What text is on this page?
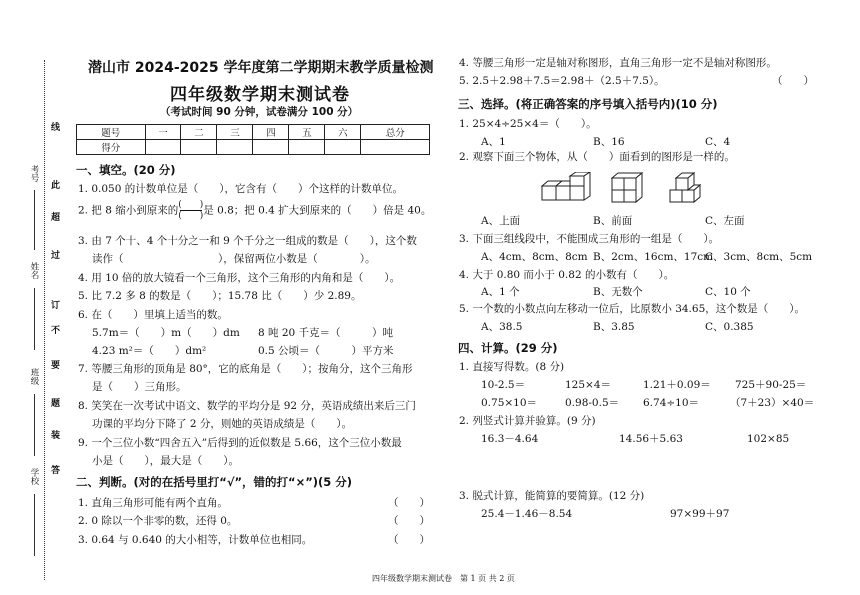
线
此
过
超
订
不
要
题
装
答
考号
姓名
班级
学校
潜山市 2024-2025 学年度第二学期期末教学质量检测
四年级数学期末测试卷
（考试时间 90 分钟，试卷满分 100 分）
题号	一	二	三	四	五	六	总分
得分							
一、填空。(20 分)
1. 0.050 的计数单位是（　　），它含有（　　）个这样的计数单位。
2. 把 8 缩小到原来的 $\frac{( )}{( )}$ 是 0.8；把 0.4 扩大到原来的（　　）倍是 40。
3. 由 7 个十、4 个十分之一和 9 个千分之一组成的数是（　　），这个数
读作（　　　　　　　　　），保留两位小数是（　　　　）。
4. 用 10 倍的放大镜看一个三角形，这个三角形的内角和是（　　）。
5. 比 7.2 多 8 的数是（　　）；15.78 比（　　）少 2.89。
6. 在（　　）里填上适当的数。
5.7m＝（　　）m（　　）dm 8 吨 20 千克＝（　　　）吨
4.23 m²＝（　　）dm²	0.5 公顷＝（　　　）平方米
7. 等腰三角形的顶角是 80°，它的底角是（　　）；按角分，这个三角形
是（　　）三角形。
8. 笑笑在一次考试中语文、数学的平均分是 92 分，英语成绩出来后三门
功课的平均分下降了 2 分，则她的英语成绩是（　　）。
9. 一个三位小数“四舍五入”后得到的近似数是 5.66，这个三位小数最
小是（　　），最大是（　　）。
二、判断。(对的在括号里打“√”，错的打“×”)(5 分)
1. 直角三角形可能有两个直角。	（　　）
2. 0 除以一个非零的数，还得 0。	（　　）
3. 0.64 与 0.640 的大小相等，计数单位也相同。	（　　）
4. 等腰三角形一定是轴对称图形，直角三角形一定不是轴对称图形。
（　　）
5. 2.5＋2.98＋7.5＝2.98＋（2.5＋7.5）。
三、选择。(将正确答案的序号填入括号内)(10 分)
1. 25×4÷25×4＝（　　）。
A、1	B、16	C、4
2. 观察下面三个物体，从（　　）面看到的图形是一样的。
A、上面	B、前面	C、左面
3. 下面三组线段中，不能围成三角形的一组是（　　）。
A、4cm、8cm、8cm B、2cm、16cm、17cm
C、3cm、8cm、5cm
4. 大于 0.80 而小于 0.82 的小数有（　　）。
A、1 个	B、无数个	C、10 个
5. 一个数的小数点向左移动一位后，比原数小 34.65，这个数是（　　）。
A、38.5	B、3.85	C、0.385
四、计算。(29 分)
1. 直接写得数。(8 分)
10-2.5＝	125×4＝	1.21＋0.09＝ 725＋90-25＝
0.75×10＝	0.98-0.5＝ 6.74÷10＝	（7＋23）×40＝
2. 列竖式计算并验算。(9 分)
16.3－4.64	14.56＋5.63	102×85
3. 脱式计算，能简算的要简算。(12 分)
25.4－1.46－8.54	97×99＋97
四年级数学期末测试卷　第 1 页 共 2 页
